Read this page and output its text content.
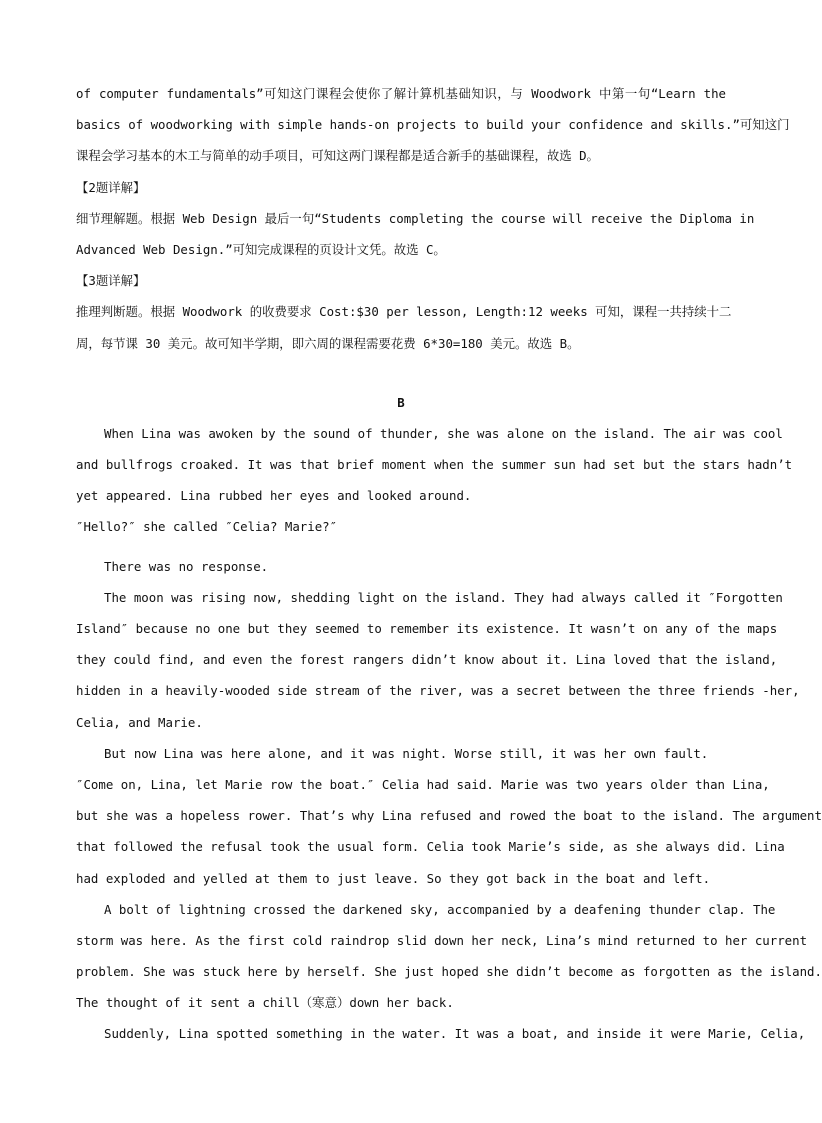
of computer fundamentals”可知这门课程会使你了解计算机基础知识，与 Woodwork 中第一句“Learn the
basics of woodworking with simple hands-on projects to build your confidence and skills.”可知这门
课程会学习基本的木工与简单的动手项目，可知这两门课程都是适合新手的基础课程，故选 D。
【2题详解】
细节理解题。根据 Web Design 最后一句“Students completing the course will receive the Diploma in
Advanced Web Design.”可知完成课程的页设计文凭。故选 C。
【3题详解】
推理判断题。根据 Woodwork 的收费要求 Cost:$30 per lesson, Length:12 weeks 可知，课程一共持续十二
周，每节课 30 美元。故可知半学期，即六周的课程需要花费 6*30=180 美元。故选 B。
B
When Lina was awoken by the sound of thunder, she was alone on the island. The air was cool
and bullfrogs croaked. It was that brief moment when the summer sun had set but the stars hadn’t
yet appeared. Lina rubbed her eyes and looked around.
″Hello?″ she called ″Celia? Marie?″
There was no response.
The moon was rising now, shedding light on the island. They had always called it ″Forgotten
Island″ because no one but they seemed to remember its existence. It wasn’t on any of the maps
they could find, and even the forest rangers didn’t know about it. Lina loved that the island,
hidden in a heavily-wooded side stream of the river, was a secret between the three friends -her,
Celia, and Marie.
But now Lina was here alone, and it was night. Worse still, it was her own fault.
″Come on, Lina, let Marie row the boat.″ Celia had said. Marie was two years older than Lina,
but she was a hopeless rower. That’s why Lina refused and rowed the boat to the island. The argument
that followed the refusal took the usual form. Celia took Marie’s side, as she always did. Lina
had exploded and yelled at them to just leave. So they got back in the boat and left.
A bolt of lightning crossed the darkened sky, accompanied by a deafening thunder clap. The
storm was here. As the first cold raindrop slid down her neck, Lina’s mind returned to her current
problem. She was stuck here by herself. She just hoped she didn’t become as forgotten as the island.
The thought of it sent a chill（寒意）down her back.
Suddenly, Lina spotted something in the water. It was a boat, and inside it were Marie, Celia,
